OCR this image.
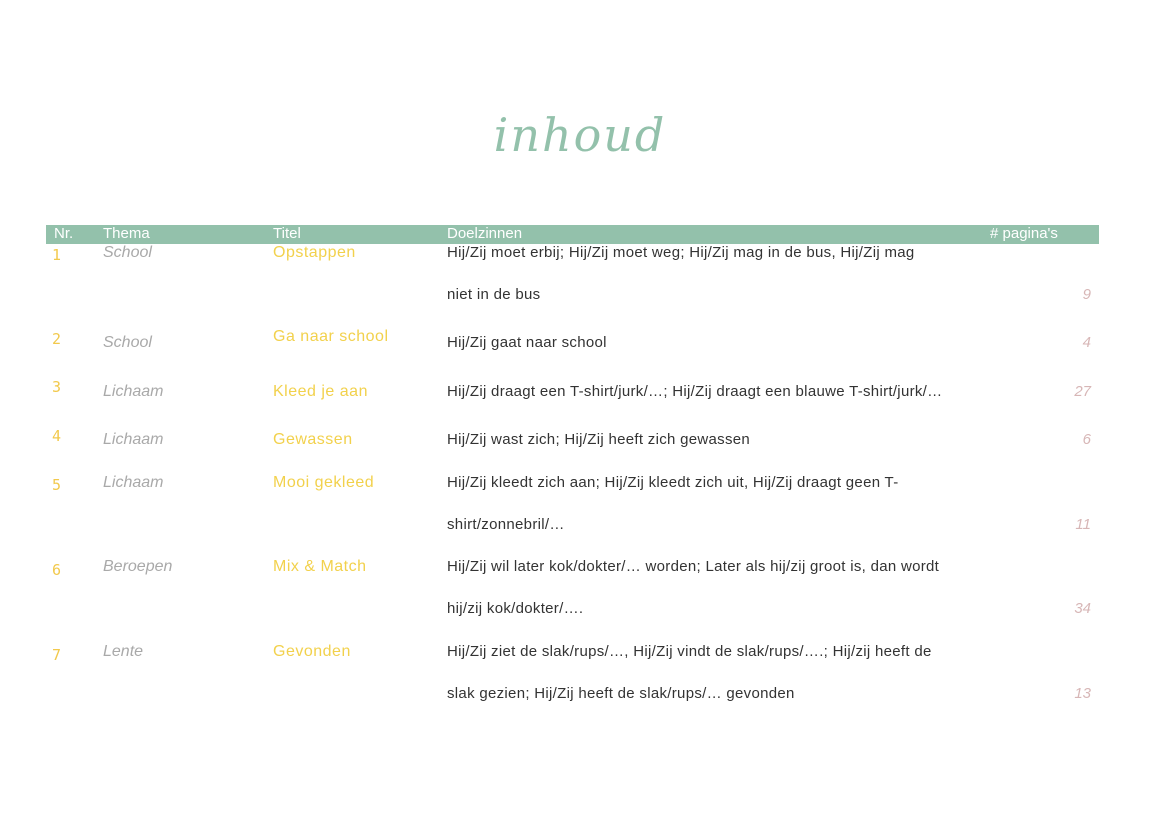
inhoud
Nr. Thema	Titel	Doelzinnen	# pagina's
1	School	Opstappen	Hij/Zij moet erbij; Hij/Zij moet weg; Hij/Zij mag in de bus, Hij/Zij mag
niet in de bus	9
2	School	Ga naar school	Hij/Zij gaat naar school	4
3	Lichaam	Kleed je aan	Hij/Zij draagt een T-shirt/jurk/…; Hij/Zij draagt een blauwe T-shirt/jurk/…	27
4	Lichaam	Gewassen	Hij/Zij wast zich; Hij/Zij heeft zich gewassen	6
5	Lichaam	Mooi gekleed	Hij/Zij kleedt zich aan; Hij/Zij kleedt zich uit, Hij/Zij draagt geen T-
shirt/zonnebril/…	11
6	Beroepen	Mix & Match	Hij/Zij wil later kok/dokter/… worden; Later als hij/zij groot is, dan wordt
hij/zij kok/dokter/….	34
7	Lente	Gevonden	Hij/Zij ziet de slak/rups/…, Hij/Zij vindt de slak/rups/….; Hij/zij heeft de
slak gezien; Hij/Zij heeft de slak/rups/… gevonden	13
